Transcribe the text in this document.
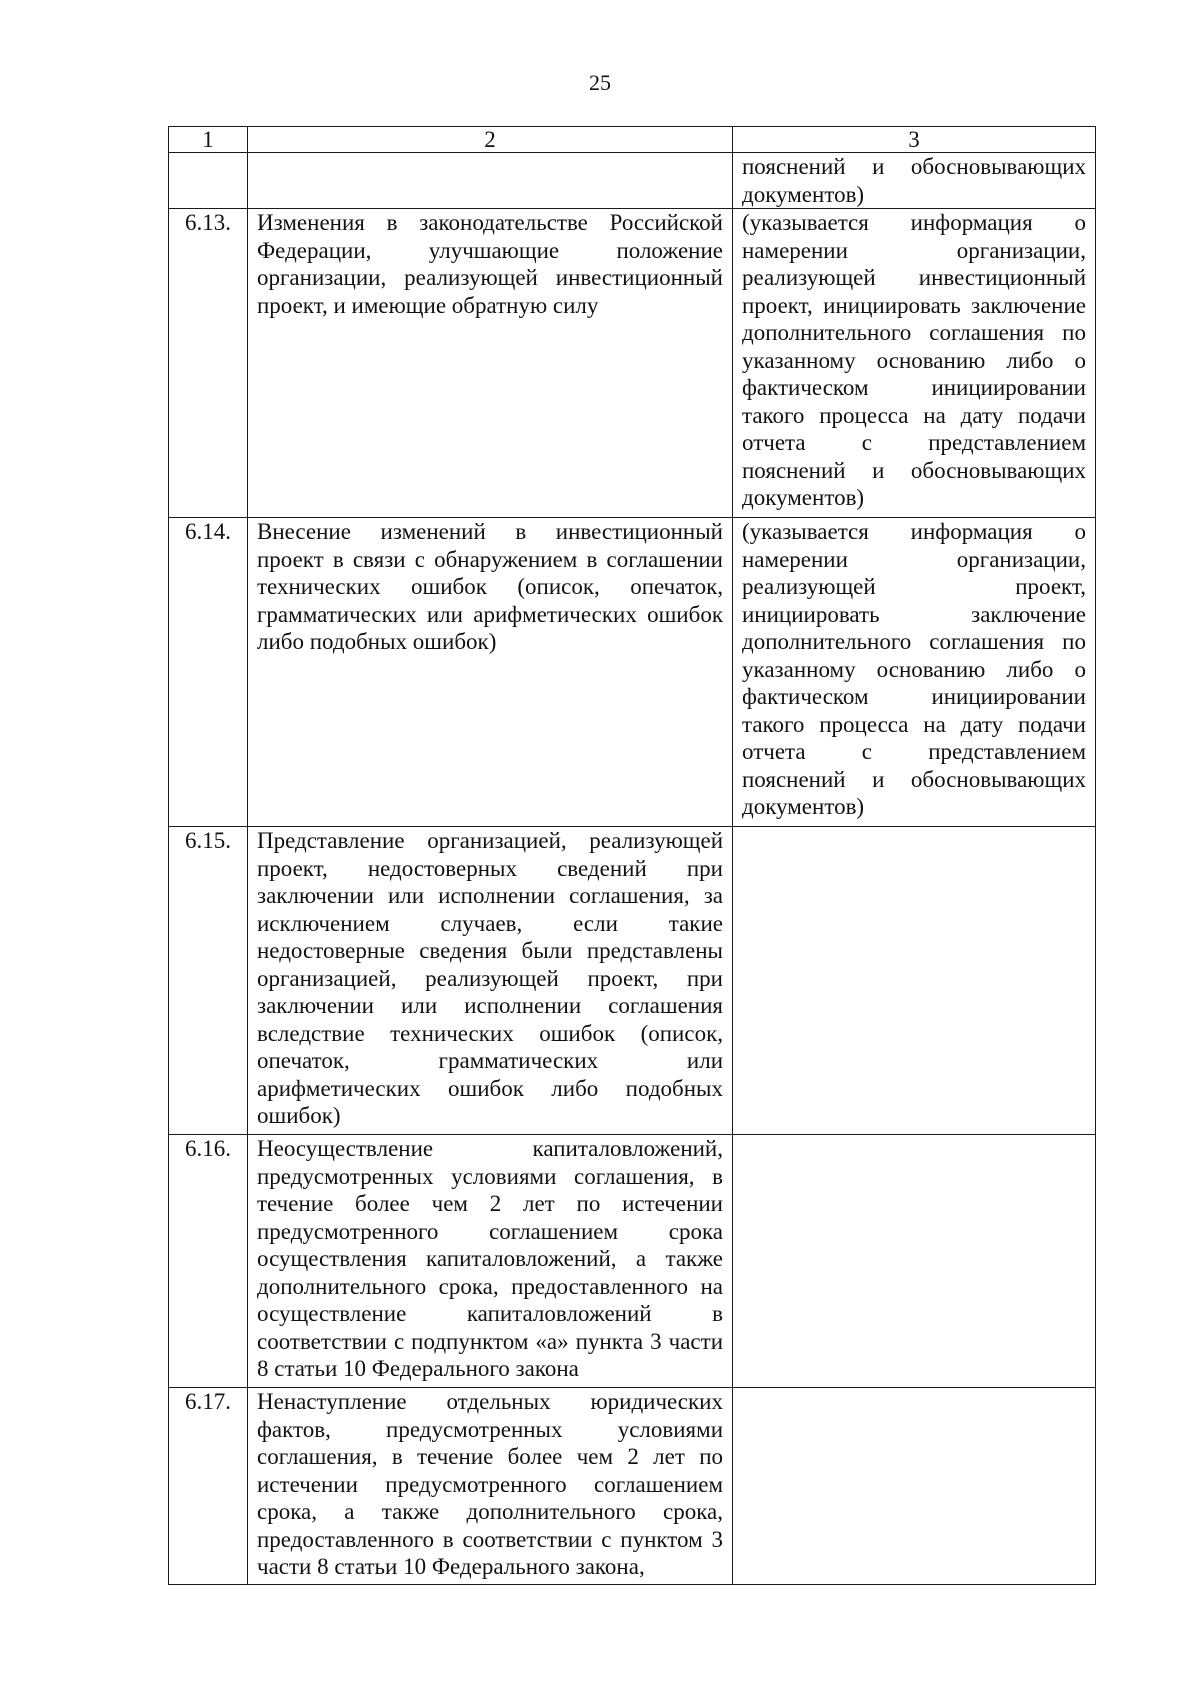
25
1	2	3
		пояснений и обосновывающих документов)
6.13.	Изменения в законодательстве Российской Федерации, улучшающие положение организации, реализующей инвестиционный проект, и имеющие обратную силу	(указывается информация о намерении организации, реализующей инвестиционный проект, инициировать заключение дополнительного соглашения по указанному основанию либо о фактическом инициировании такого процесса на дату подачи отчета с представлением пояснений и обосновывающих документов)
6.14.	Внесение изменений в инвестиционный проект в связи с обнаружением в соглашении технических ошибок (описок, опечаток, грамматических или арифметических ошибок либо подобных ошибок)	(указывается информация о намерении организации, реализующей проект, инициировать заключение дополнительного соглашения по указанному основанию либо о фактическом инициировании такого процесса на дату подачи отчета с представлением пояснений и обосновывающих документов)
6.15.	Представление организацией, реализующей проект, недостоверных сведений при заключении или исполнении соглашения, за исключением случаев, если такие недостоверные сведения были представлены организацией, реализующей проект, при заключении или исполнении соглашения вследствие технических ошибок (описок, опечаток, грамматических или арифметических ошибок либо подобных ошибок)	
6.16.	Неосуществление капиталовложений, предусмотренных условиями соглашения, в течение более чем 2 лет по истечении предусмотренного соглашением срока осуществления капиталовложений, а также дополнительного срока, предоставленного на осуществление капиталовложений в соответствии с подпунктом «а» пункта 3 части 8 статьи 10 Федерального закона	
6.17.	Ненаступление отдельных юридических фактов, предусмотренных условиями соглашения, в течение более чем 2 лет по истечении предусмотренного соглашением срока, а также дополнительного срока, предоставленного в соответствии с пунктом 3 части 8 статьи 10 Федерального закона,	
